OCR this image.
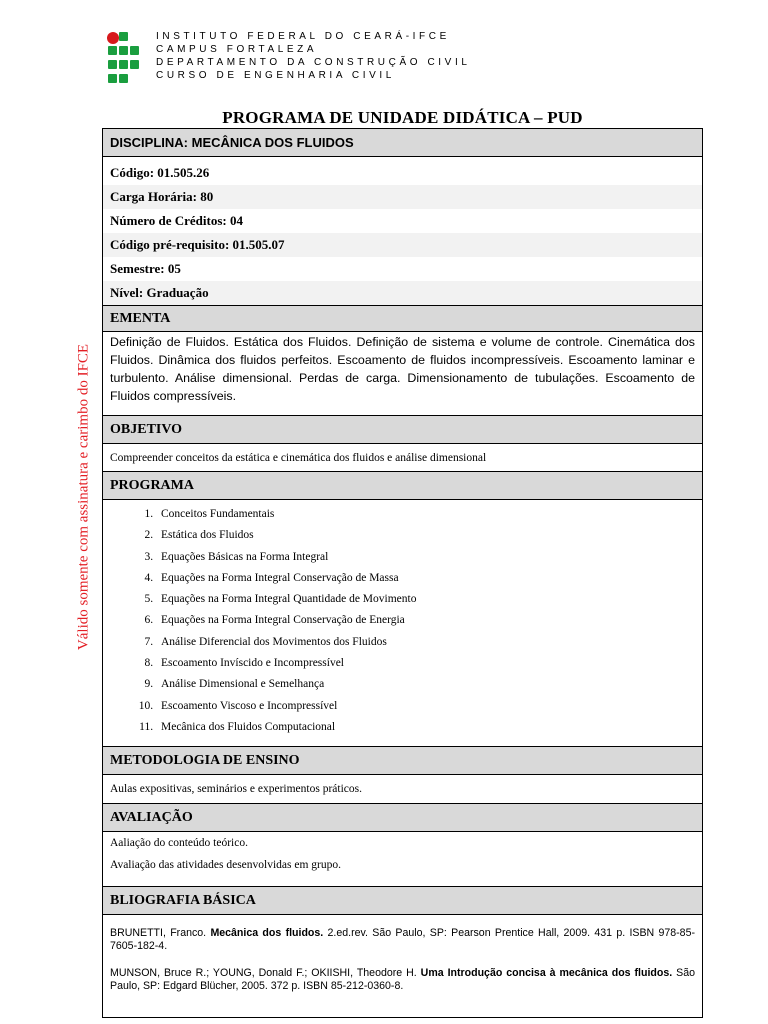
INSTITUTO FEDERAL DO CEARÁ-IFCE
CAMPUS FORTALEZA
DEPARTAMENTO DA CONSTRUÇÃO CIVIL
CURSO DE ENGENHARIA CIVIL
PROGRAMA DE UNIDADE DIDÁTICA – PUD
Válido somente com assinatura e carimbo do IFCE
DISCIPLINA: MECÂNICA DOS FLUIDOS

Código: 01.505.26
Carga Horária: 80
Número de Créditos: 04
Código pré-requisito: 01.505.07
Semestre: 05
Nível: Graduação

EMENTA
Definição de Fluidos. Estática dos Fluidos. Definição de sistema e volume de controle. Cinemática dos Fluidos. Dinâmica dos fluidos perfeitos. Escoamento de fluidos incompressíveis. Escoamento laminar e turbulento. Análise dimensional. Perdas de carga. Dimensionamento de tubulações. Escoamento de Fluidos compressíveis.
OBJETIVO
Compreender conceitos da estática e cinemática dos fluidos e análise dimensional
PROGRAMA

1. Conceitos Fundamentais
2. Estática dos Fluidos
3. Equações Básicas na Forma Integral
4. Equações na Forma Integral Conservação de Massa
5. Equações na Forma Integral Quantidade de Movimento
6. Equações na Forma Integral Conservação de Energia
7. Análise Diferencial dos Movimentos dos Fluidos
8. Escoamento Invíscido e Incompressível
9. Análise Dimensional e Semelhança
10. Escoamento Viscoso e Incompressível
11. Mecânica dos Fluidos Computacional

METODOLOGIA DE ENSINO
Aulas expositivas, seminários e experimentos práticos.
AVALIAÇÃO

Aaliação do conteúdo teórico.

Avaliação das atividades desenvolvidas em grupo.

BLIOGRAFIA BÁSICA

BRUNETTI, Franco. Mecânica dos fluidos. 2.ed.rev. São Paulo, SP: Pearson Prentice Hall, 2009. 431 p. ISBN 978-85-7605-182-4.

MUNSON, Bruce R.; YOUNG, Donald F.; OKIISHI, Theodore H. Uma Introdução concisa à mecânica dos fluidos. São Paulo, SP: Edgard Blücher, 2005. 372 p. ISBN 85-212-0360-8.
